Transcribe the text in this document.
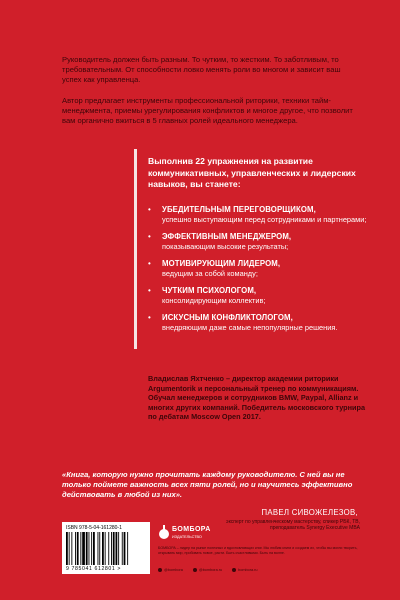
Руководитель должен быть разным. То чутким, то жестким. То заботливым, то требовательным. От способности ловко менять роли во многом и зависит ваш успех как управленца.

Автор предлагает инструменты профессиональной риторики, техники тайм-менеджмента, приемы урегулирования конфликтов и многое другое, что позволит вам органично вжиться в 5 главных ролей идеального менеджера.

Выполнив 22 упражнения на развитие коммуникативных, управленческих и лидерских навыков, вы станете:
• УБЕДИТЕЛЬНЫМ ПЕРЕГОВОРЩИКОМ,
успешно выступающим перед сотрудниками и партнерами;
• ЭФФЕКТИВНЫМ МЕНЕДЖЕРОМ,
показывающим высокие результаты;
• МОТИВИРУЮЩИМ ЛИДЕРОМ,
ведущим за собой команду;
• ЧУТКИМ ПСИХОЛОГОМ,
консолидирующим коллектив;
• ИСКУСНЫМ КОНФЛИКТОЛОГОМ,
внедряющим даже самые непопулярные решения.
Владислав Яхтченко – директор академии риторики Argumentorik и персональный тренер по коммуникациям. Обучал менеджеров и сотрудников BMW, Paypal, Allianz и многих других компаний. Победитель московского турнира по дебатам Moscow Open 2017.
«Книга, которую нужно прочитать каждому руководителю. С ней вы не только поймете важность всех пяти ролей, но и научитесь эффективно действовать в любой из них».
ПАВЕЛ СИВОЖЕЛЕЗОВ,
эксперт по управленческому мастерству, спикер РБК, ТВ, преподаватель Synergy Executive MBA
ISBN 978-5-04-161280-1
9 785041 612801 >
БОМБОРА
ИЗДАТЕЛЬСТВО
БОМБОРА – лидер на рынке полезных и вдохновляющих книг. Мы любим книги и создаем их, чтобы вы могли творить, открывать мир, пробовать новое, расти. Быть счастливыми. Быть на волне.
@bombora	@bombora.ru	bombora.ru
